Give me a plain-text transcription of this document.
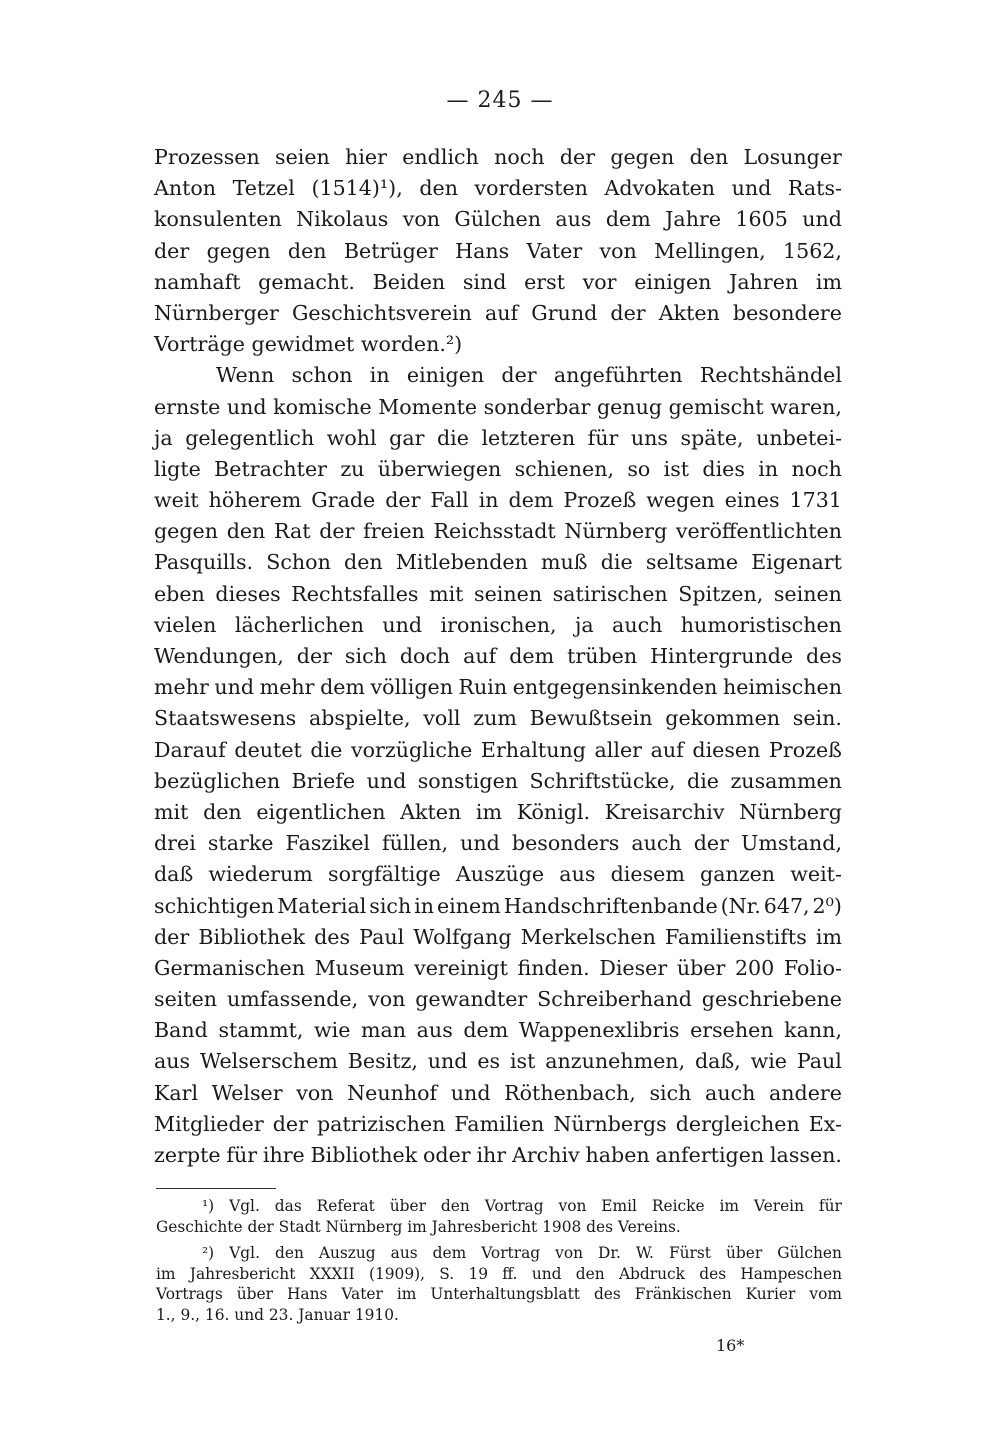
— 245 —
Prozessen seien hier endlich noch der gegen den Losunger
Anton Tetzel (1514)¹), den vordersten Advokaten und Rats-
konsulenten Nikolaus von Gülchen aus dem Jahre 1605 und
der gegen den Betrüger Hans Vater von Mellingen, 1562,
namhaft gemacht. Beiden sind erst vor einigen Jahren im
Nürnberger Geschichtsverein auf Grund der Akten besondere
Vorträge gewidmet worden.²)
Wenn schon in einigen der angeführten Rechtshändel
ernste und komische Momente sonderbar genug gemischt waren,
ja gelegentlich wohl gar die letzteren für uns späte, unbetei-
ligte Betrachter zu überwiegen schienen, so ist dies in noch
weit höherem Grade der Fall in dem Prozeß wegen eines 1731
gegen den Rat der freien Reichsstadt Nürnberg veröffentlichten
Pasquills. Schon den Mitlebenden muß die seltsame Eigenart
eben dieses Rechtsfalles mit seinen satirischen Spitzen, seinen
vielen lächerlichen und ironischen, ja auch humoristischen
Wendungen, der sich doch auf dem trüben Hintergrunde des
mehr und mehr dem völligen Ruin entgegensinkenden heimischen
Staatswesens abspielte, voll zum Bewußtsein gekommen sein.
Darauf deutet die vorzügliche Erhaltung aller auf diesen Prozeß
bezüglichen Briefe und sonstigen Schriftstücke, die zusammen
mit den eigentlichen Akten im Königl. Kreisarchiv Nürnberg
drei starke Faszikel füllen, und besonders auch der Umstand,
daß wiederum sorgfältige Auszüge aus diesem ganzen weit-
schichtigen Material sich in einem Handschriftenbande (Nr. 647, 2⁰)
der Bibliothek des Paul Wolfgang Merkelschen Familienstifts im
Germanischen Museum vereinigt finden. Dieser über 200 Folio-
seiten umfassende, von gewandter Schreiberhand geschriebene
Band stammt, wie man aus dem Wappenexlibris ersehen kann,
aus Welserschem Besitz, und es ist anzunehmen, daß, wie Paul
Karl Welser von Neunhof und Röthenbach, sich auch andere
Mitglieder der patrizischen Familien Nürnbergs dergleichen Ex-
zerpte für ihre Bibliothek oder ihr Archiv haben anfertigen lassen.
¹) Vgl. das Referat über den Vortrag von Emil Reicke im Verein für
Geschichte der Stadt Nürnberg im Jahresbericht 1908 des Vereins.
²) Vgl. den Auszug aus dem Vortrag von Dr. W. Fürst über Gülchen
im Jahresbericht XXXII (1909), S. 19 ff. und den Abdruck des Hampeschen
Vortrags über Hans Vater im Unterhaltungsblatt des Fränkischen Kurier vom
1., 9., 16. und 23. Januar 1910.
16*
